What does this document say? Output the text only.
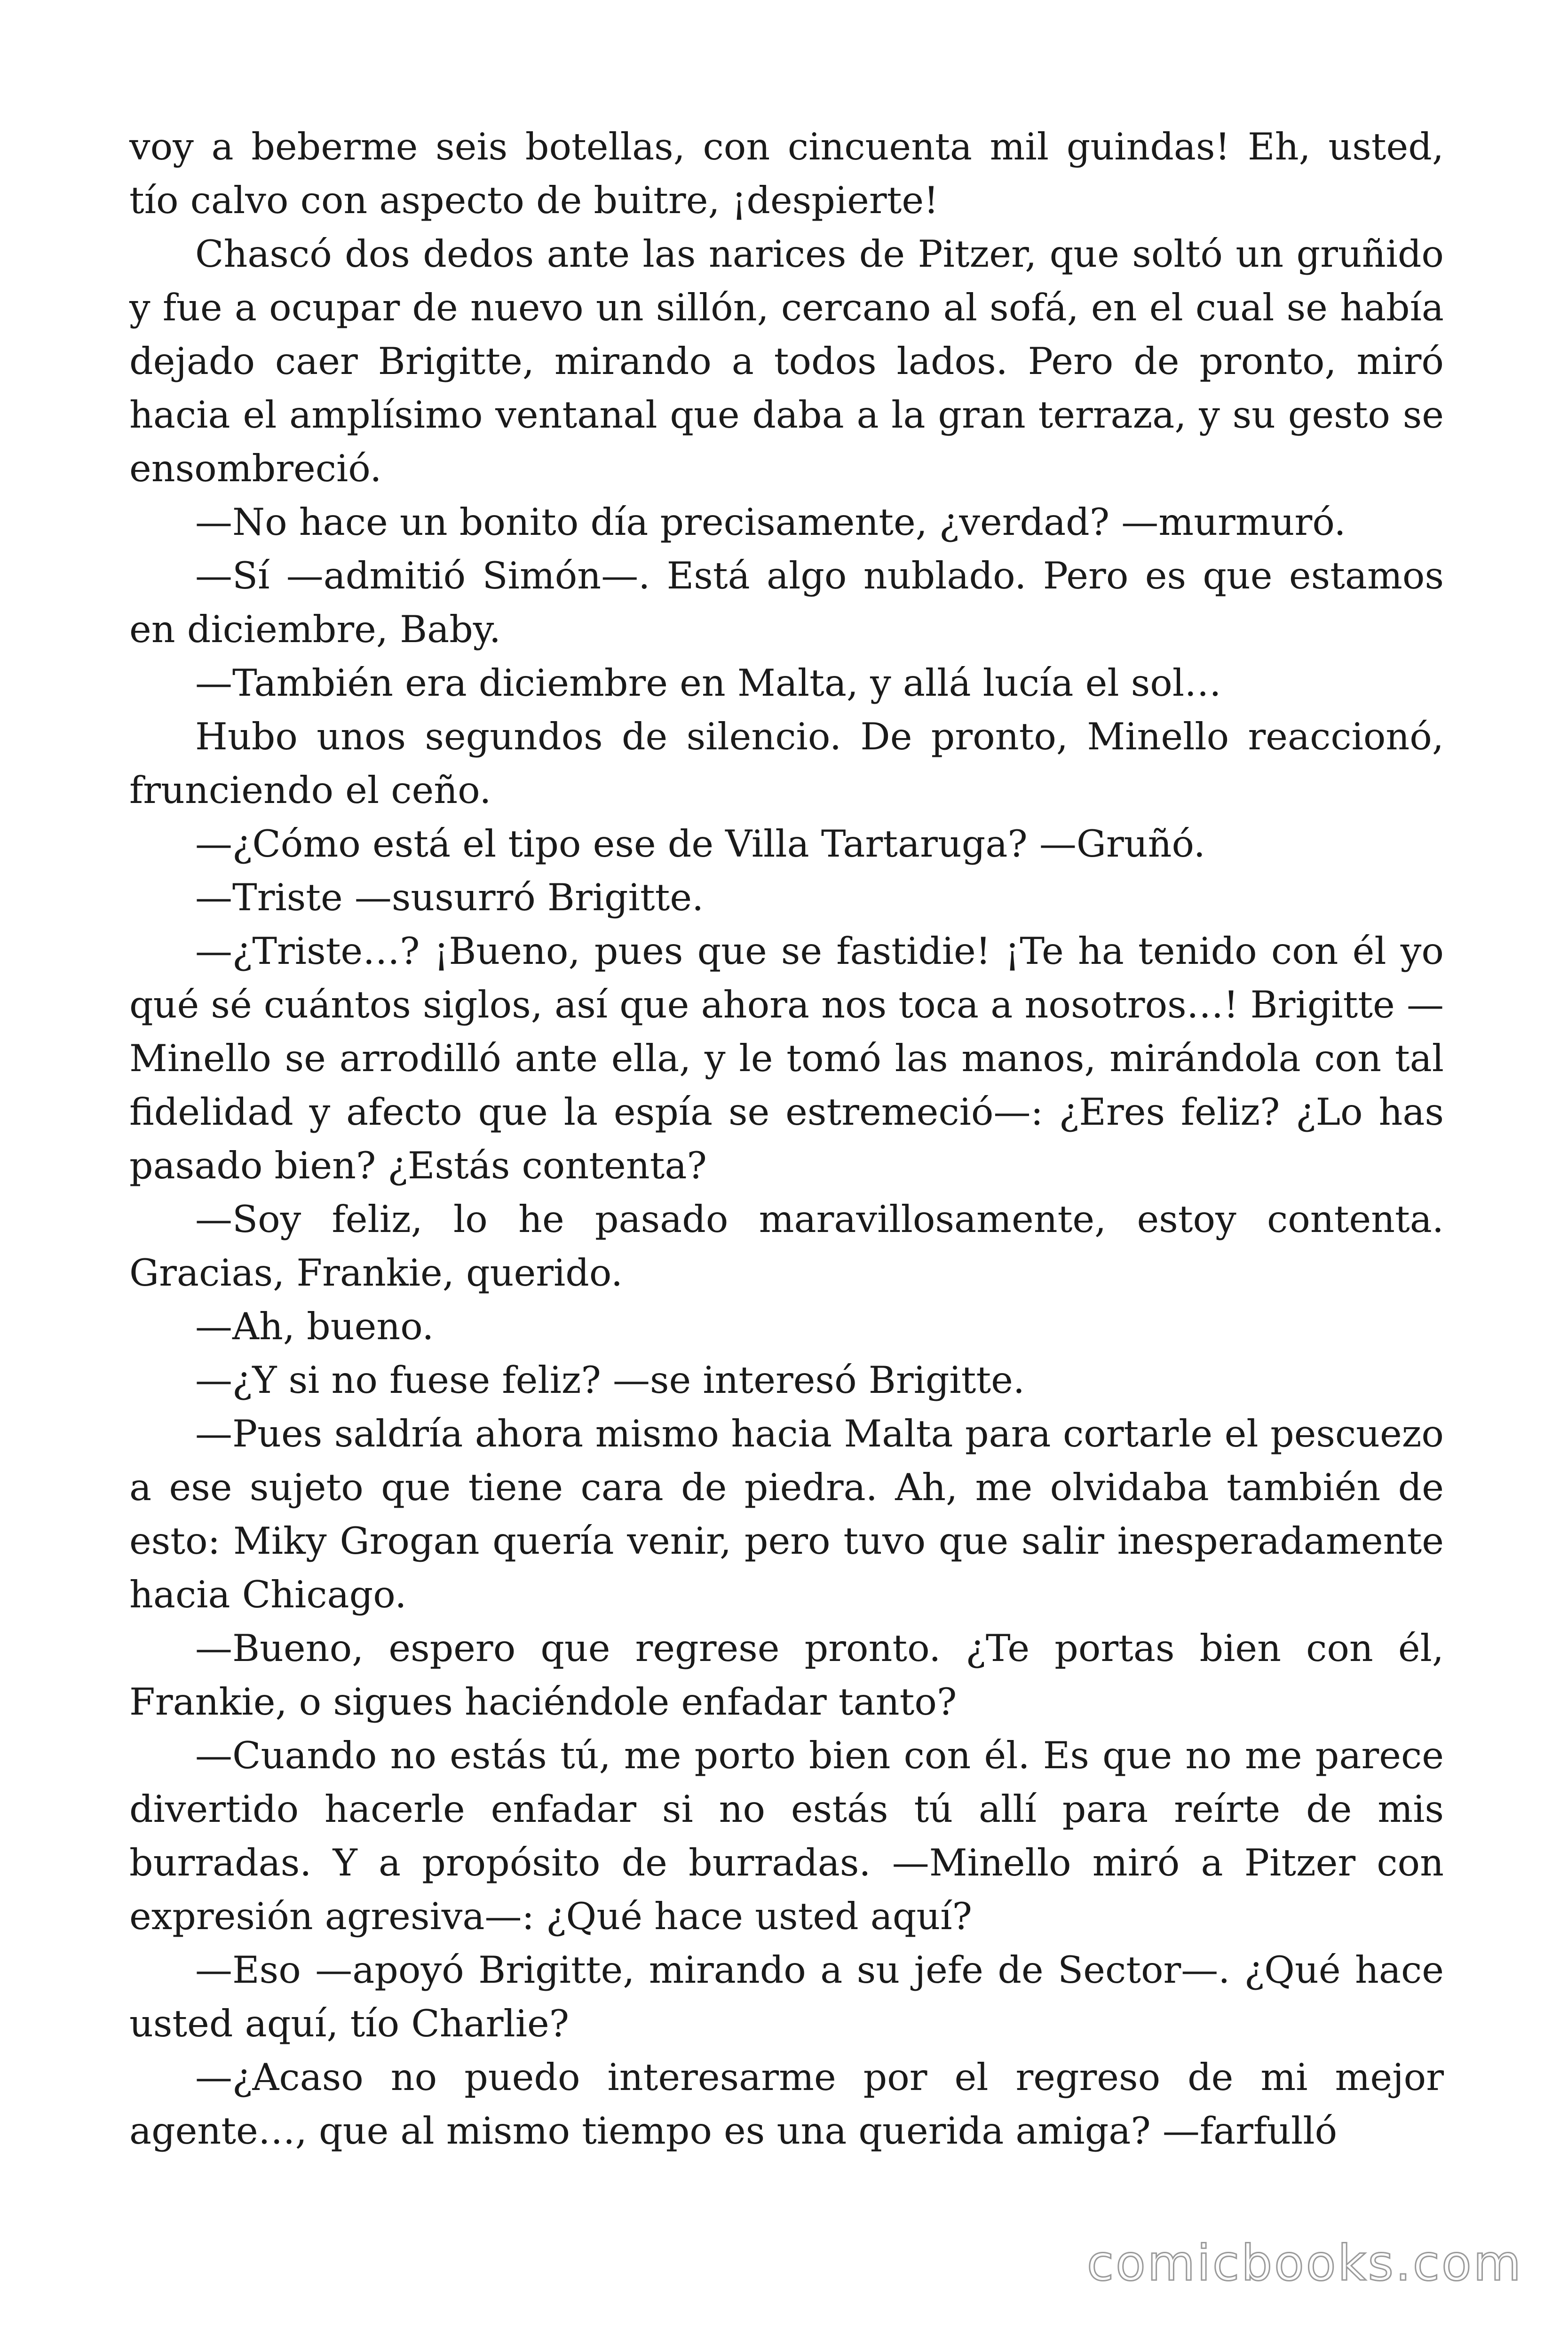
voy a beberme seis botellas, con cincuenta mil guindas! Eh, usted, tío calvo con aspecto de buitre, ¡despierte!

Chascó dos dedos ante las narices de Pitzer, que soltó un gruñido y fue a ocupar de nuevo un sillón, cercano al sofá, en el cual se había dejado caer Brigitte, mirando a todos lados. Pero de pronto, miró hacia el amplísimo ventanal que daba a la gran terraza, y su gesto se ensombreció.

—No hace un bonito día precisamente, ¿verdad? —murmuró.

—Sí —admitió Simón—. Está algo nublado. Pero es que estamos en diciembre, Baby.

—También era diciembre en Malta, y allá lucía el sol…

Hubo unos segundos de silencio. De pronto, Minello reaccionó, frunciendo el ceño.

—¿Cómo está el tipo ese de Villa Tartaruga? —Gruñó.

—Triste —susurró Brigitte.

—¿Triste…? ¡Bueno, pues que se fastidie! ¡Te ha tenido con él yo qué sé cuántos siglos, así que ahora nos toca a nosotros…! Brigitte —Minello se arrodilló ante ella, y le tomó las manos, mirándola con tal fidelidad y afecto que la espía se estremeció—: ¿Eres feliz? ¿Lo has pasado bien? ¿Estás contenta?

—Soy feliz, lo he pasado maravillosamente, estoy contenta. Gracias, Frankie, querido.

—Ah, bueno.

—¿Y si no fuese feliz? —se interesó Brigitte.

—Pues saldría ahora mismo hacia Malta para cortarle el pescuezo a ese sujeto que tiene cara de piedra. Ah, me olvidaba también de esto: Miky Grogan quería venir, pero tuvo que salir inesperadamente hacia Chicago.

—Bueno, espero que regrese pronto. ¿Te portas bien con él, Frankie, o sigues haciéndole enfadar tanto?

—Cuando no estás tú, me porto bien con él. Es que no me parece divertido hacerle enfadar si no estás tú allí para reírte de mis burradas. Y a propósito de burradas. —Minello miró a Pitzer con expresión agresiva—: ¿Qué hace usted aquí?

—Eso —apoyó Brigitte, mirando a su jefe de Sector—. ¿Qué hace usted aquí, tío Charlie?

—¿Acaso no puedo interesarme por el regreso de mi mejor agente…, que al mismo tiempo es una querida amiga? —farfulló

comicbooks.com
